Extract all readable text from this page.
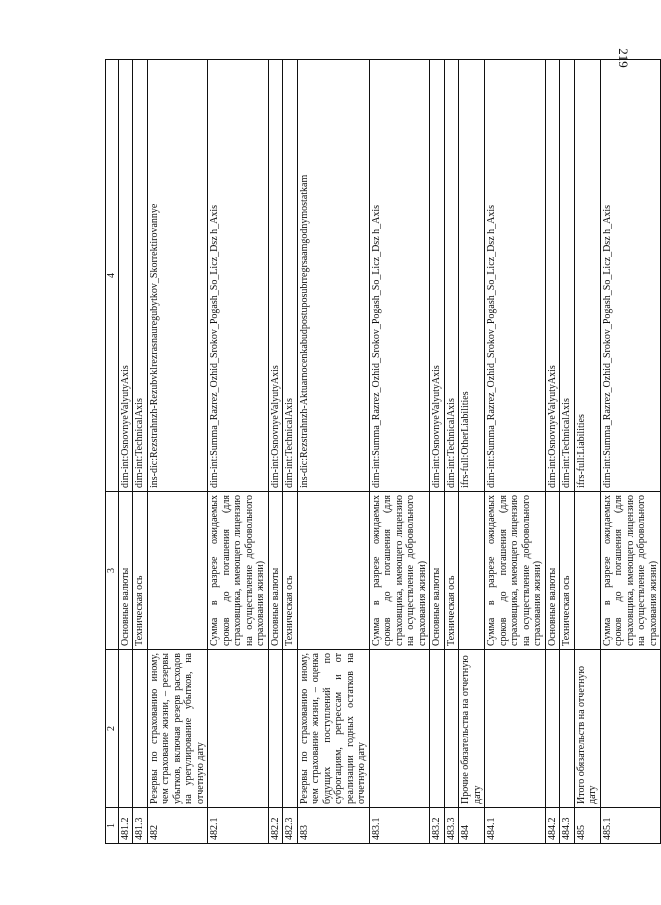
219
1	2	3	4
481.2		Основные валюты	dim-int:OsnovnyeValyutyAxis
481.3		Техническая ось	dim-int:TechnicalAxis
482	Резервы по страхованию иному, чем страхование жизни, – резервы убытков, включая резерв расходов на урегулирование убытков, на отчетную дату		ins-dic:Rezstrahnzh-Rezubvklrezrasnauregubytkov_Skorrektirovannye
482.1		Сумма в разрезе ожидаемых сроков до погашения (для страховщика, имеющего лицензию на осуществление добровольного страхования жизни)	dim-int:Summa_Razrez_Ozhid_Srokov_Pogash_So_Licz_Dsz h_Axis
482.2		Основные валюты	dim-int:OsnovnyeValyutyAxis
482.3		Техническая ось	dim-int:TechnicalAxis
483	Резервы по страхованию иному, чем страхование жизни, – оценка будущих поступлений по суброгациям, регрессам и от реализации годных остатков на отчетную дату		ins-dic:Rezstrahnzh-Aktuarnocenkabudpostuposubrregrsaamgodnymostatkam
483.1		Сумма в разрезе ожидаемых сроков до погашения (для страховщика, имеющего лицензию на осуществление добровольного страхования жизни)	dim-int:Summa_Razrez_Ozhid_Srokov_Pogash_So_Licz_Dsz h_Axis
483.2		Основные валюты	dim-int:OsnovnyeValyutyAxis
483.3		Техническая ось	dim-int:TechnicalAxis
484	Прочие обязательства на отчетную дату		ifrs-full:OtherLiabilities
484.1		Сумма в разрезе ожидаемых сроков до погашения (для страховщика, имеющего лицензию на осуществление добровольного страхования жизни)	dim-int:Summa_Razrez_Ozhid_Srokov_Pogash_So_Licz_Dsz h_Axis
484.2		Основные валюты	dim-int:OsnovnyeValyutyAxis
484.3		Техническая ось	dim-int:TechnicalAxis
485	Итого обязательств на отчетную дату		ifrs-full:Liabilities
485.1		Сумма в разрезе ожидаемых сроков до погашения (для страховщика, имеющего лицензию на осуществление добровольного страхования жизни)	dim-int:Summa_Razrez_Ozhid_Srokov_Pogash_So_Licz_Dsz h_Axis
